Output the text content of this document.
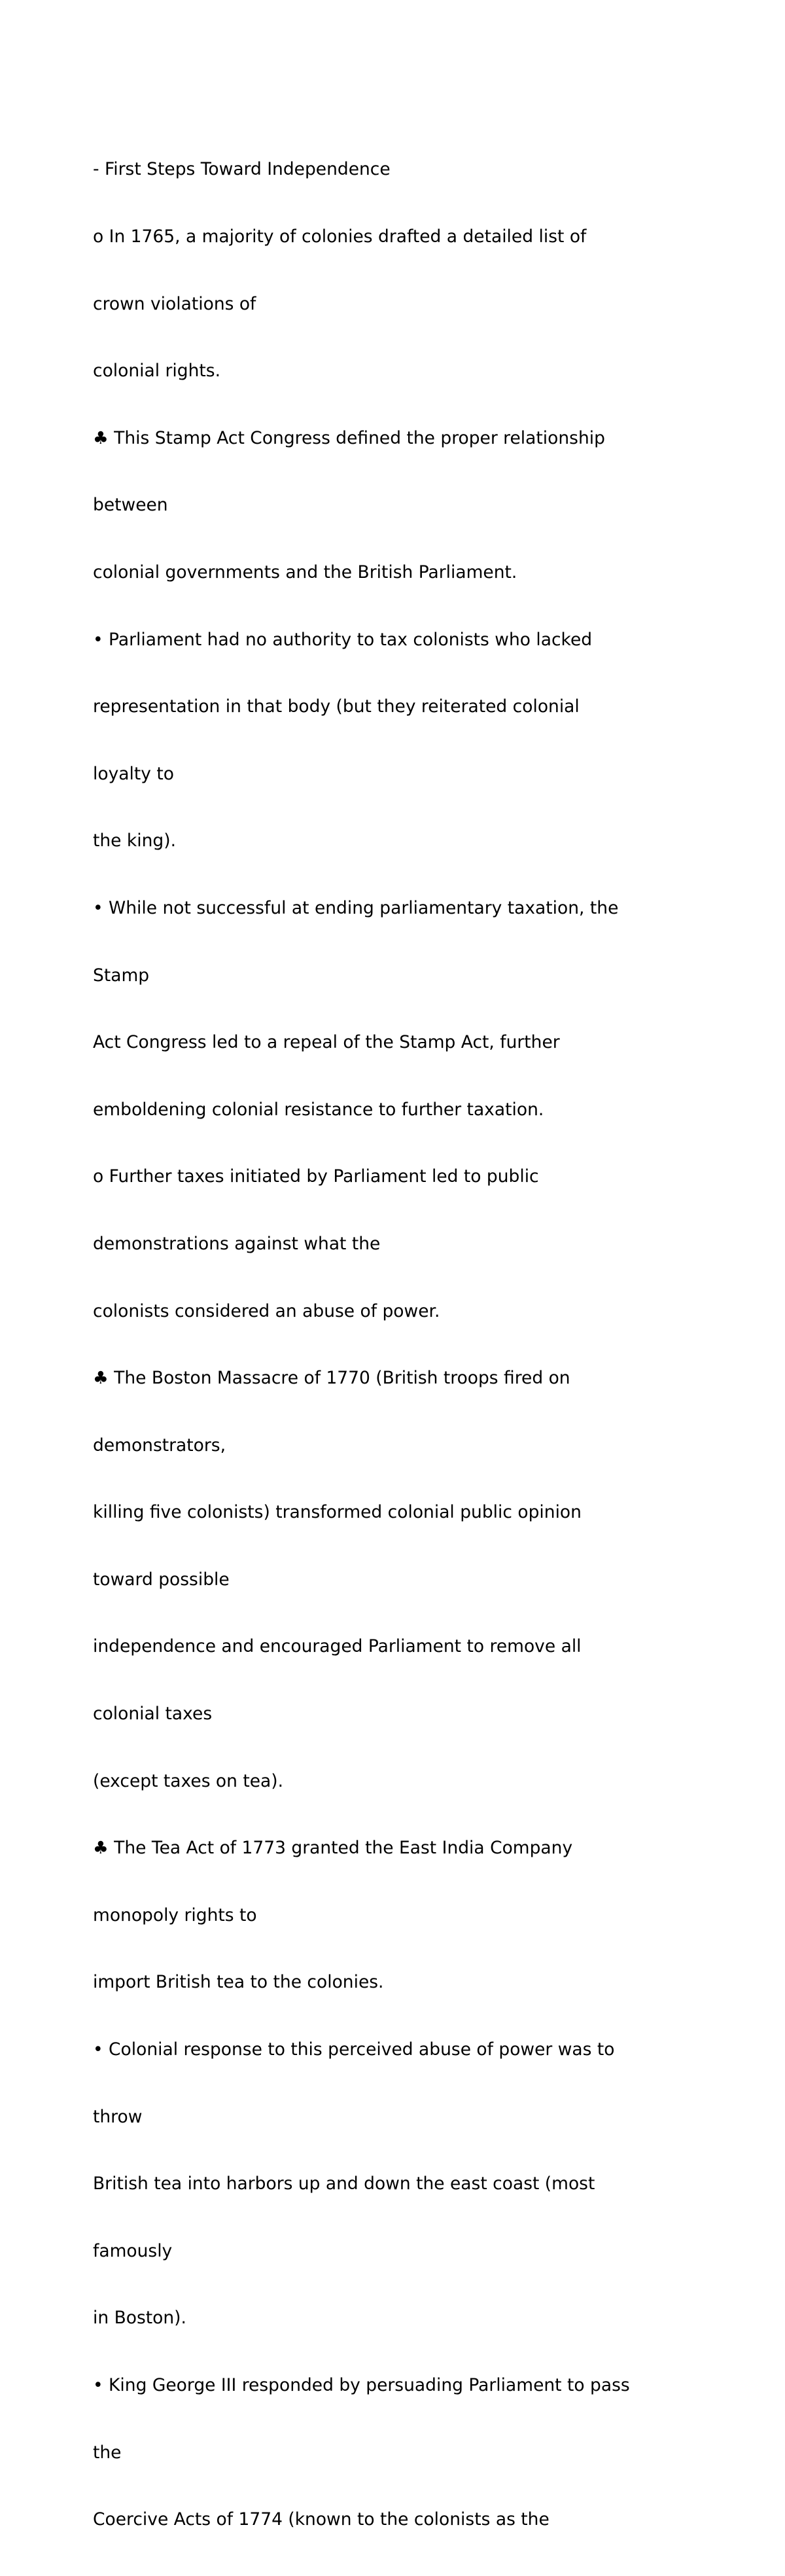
- First Steps Toward Independence

o In 1765, a majority of colonies drafted a detailed list of

crown violations of

colonial rights.

♣ This Stamp Act Congress defined the proper relationship

between

colonial governments and the British Parliament.

• Parliament had no authority to tax colonists who lacked

representation in that body (but they reiterated colonial

loyalty to

the king).

• While not successful at ending parliamentary taxation, the

Stamp

Act Congress led to a repeal of the Stamp Act, further

emboldening colonial resistance to further taxation.

o Further taxes initiated by Parliament led to public

demonstrations against what the

colonists considered an abuse of power.

♣ The Boston Massacre of 1770 (British troops fired on

demonstrators,

killing five colonists) transformed colonial public opinion

toward possible

independence and encouraged Parliament to remove all

colonial taxes

(except taxes on tea).

♣ The Tea Act of 1773 granted the East India Company

monopoly rights to

import British tea to the colonies.

• Colonial response to this perceived abuse of power was to

throw

British tea into harbors up and down the east coast (most

famously

in Boston).

• King George III responded by persuading Parliament to pass

the

Coercive Acts of 1774 (known to the colonists as the
